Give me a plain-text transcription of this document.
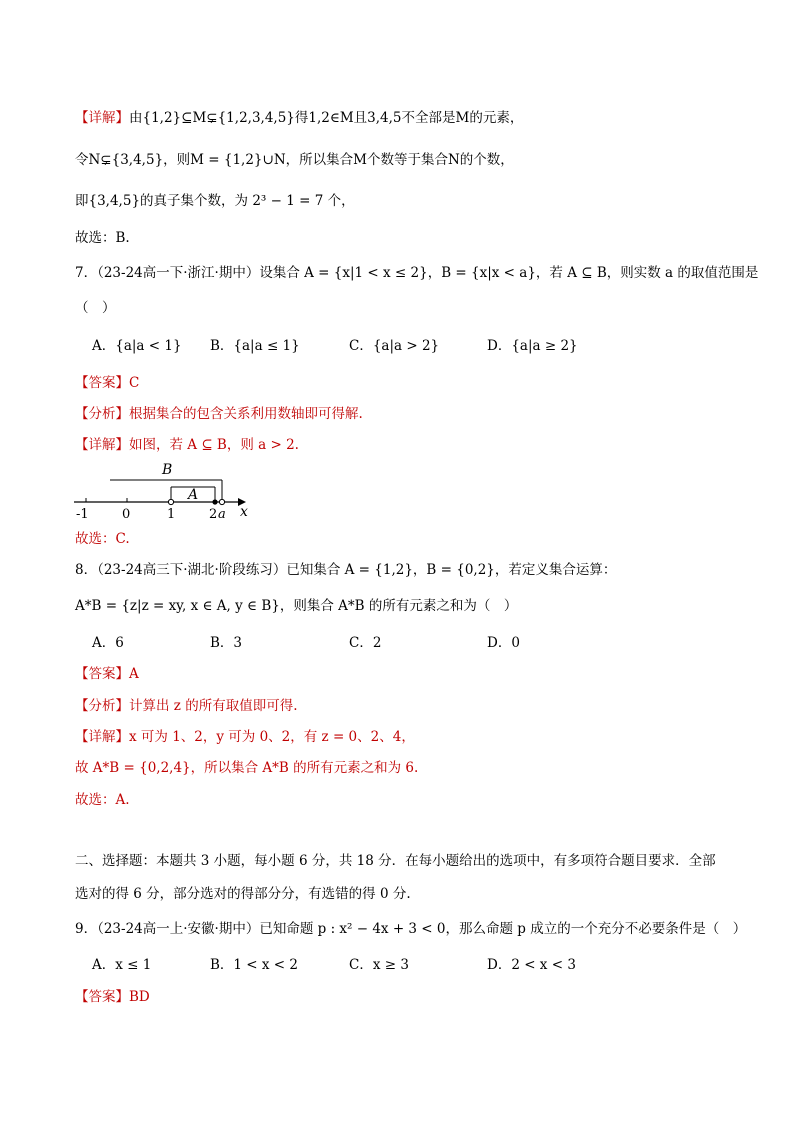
【详解】由{1,2}⊆M⊊{1,2,3,4,5}得1,2∈M且3,4,5不全部是M的元素，
令N⊊{3,4,5}，则M = {1,2}∪N，所以集合M个数等于集合N的个数，
即{3,4,5}的真子集个数，为 2³ − 1 = 7 个，
故选：B.
7．（23-24高一下·浙江·期中）设集合 A = {x|1 < x ≤ 2}，B = {x|x < a}，若 A ⊆ B，则实数 a 的取值范围是
（　）
A．{a|a < 1} B．{a|a ≤ 1}	C．{a|a > 2}	D．{a|a ≥ 2}
【答案】C
【分析】根据集合的包含关系利用数轴即可得解.
【详解】如图，若 A ⊆ B，则 a > 2.
B
A
-1	0	1	2 a x
故选：C.
8．（23-24高三下·湖北·阶段练习）已知集合 A = {1,2}，B = {0,2}，若定义集合运算：
A*B = {z|z = xy, x ∈ A, y ∈ B}，则集合 A*B 的所有元素之和为（　）
A．6	B．3	C．2	D．0
【答案】A
【分析】计算出 z 的所有取值即可得.
【详解】x 可为 1、2，y 可为 0、2，有 z = 0、2、4，
故 A*B = {0,2,4}，所以集合 A*B 的所有元素之和为 6.
故选：A.
二、选择题：本题共 3 小题，每小题 6 分，共 18 分．在每小题给出的选项中，有多项符合题目要求．全部
选对的得 6 分，部分选对的得部分分，有选错的得 0 分.
9．（23-24高一上·安徽·期中）已知命题 p : x² − 4x + 3 < 0，那么命题 p 成立的一个充分不必要条件是（　）
A．x ≤ 1	B．1 < x < 2	C．x ≥ 3	D．2 < x < 3
【答案】BD
